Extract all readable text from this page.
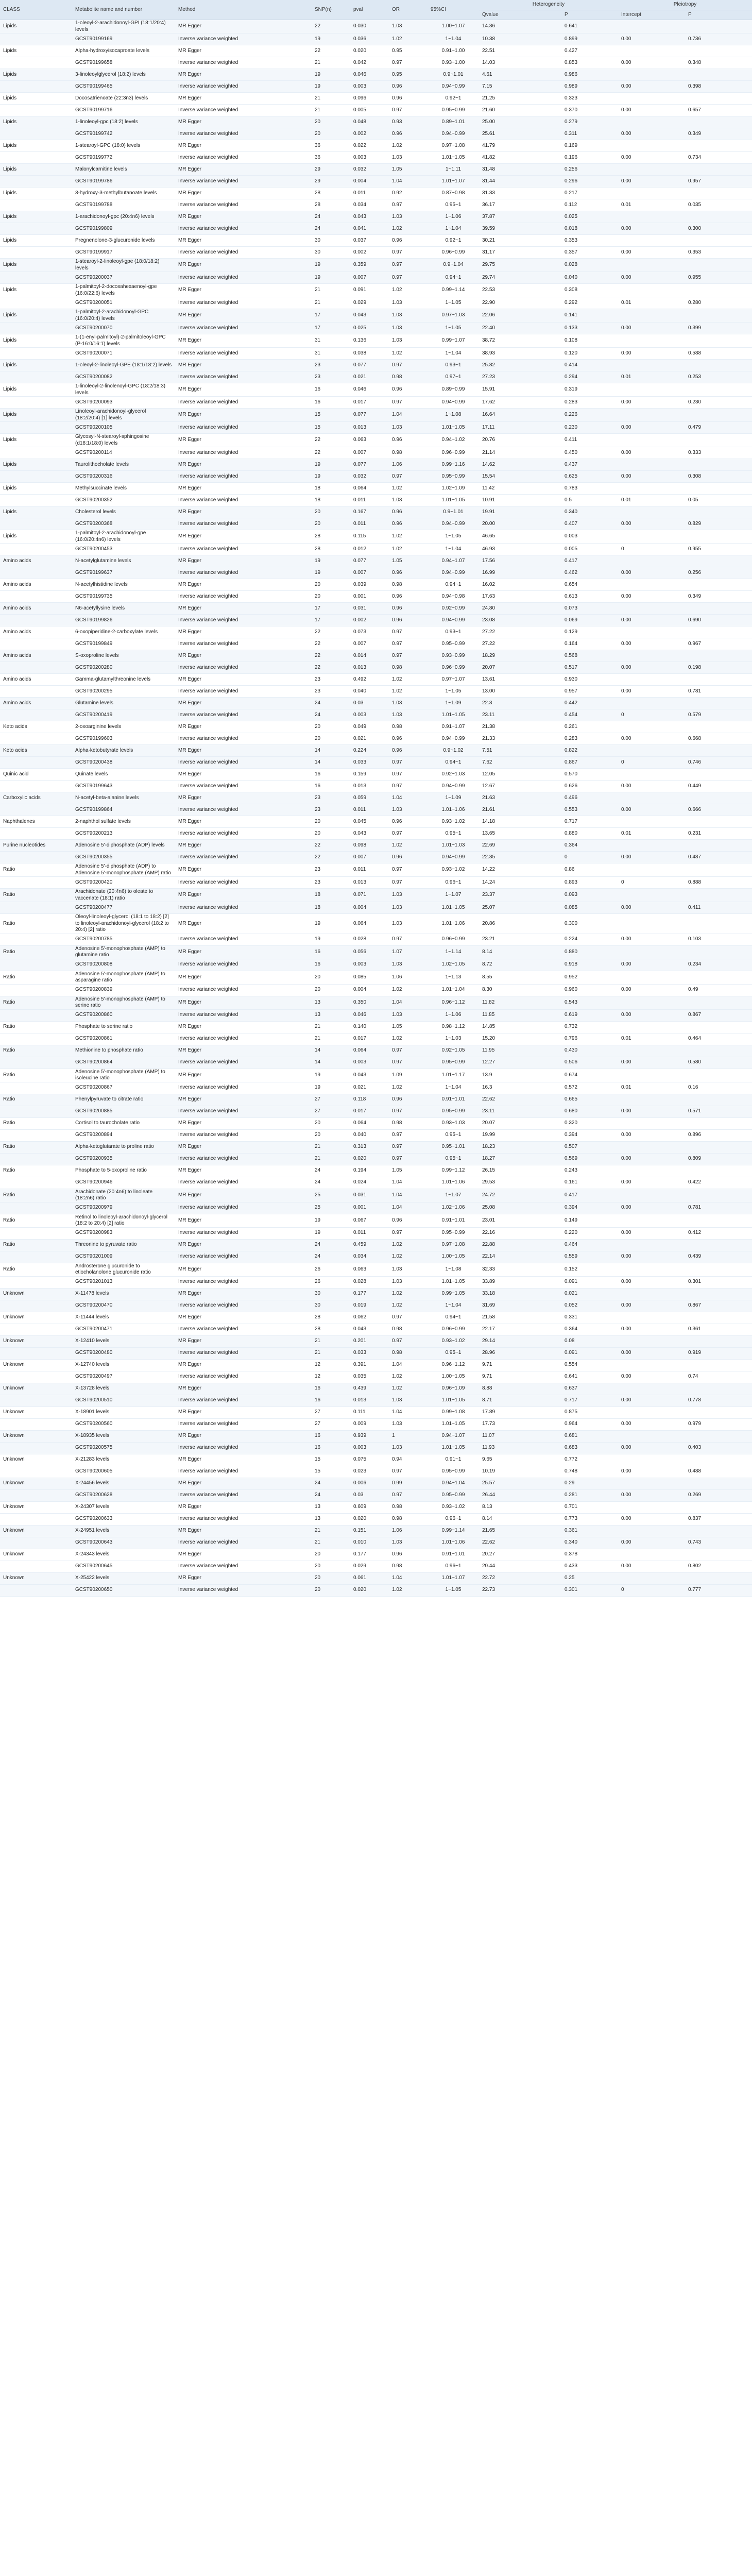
CLASS	Metabolite name and number	Method	SNP(n)	pval	OR	95%CI	Heterogeneity		Pleiotropy	
							Qvalue	P	Intercept	P
Lipids	1-oleoyl-2-arachidonoyl-GPI (18:1/20:4) levels	MR Egger	22	0.030	1.03	1.00~1.07	14.36	0.641		
	GCST90199169	Inverse variance weighted	19	0.036	1.02	1~1.04	10.38	0.899	0.00	0.736
Lipids	Alpha-hydroxyisocaproate levels	MR Egger	22	0.020	0.95	0.91~1.00	22.51	0.427		
	GCST90199658	Inverse variance weighted	21	0.042	0.97	0.93~1.00	14.03	0.853	0.00	0.348
Lipids	3-linoleoylglycerol (18:2) levels	MR Egger	19	0.046	0.95	0.9~1.01	4.61	0.986		
	GCST90199465	Inverse variance weighted	19	0.003	0.96	0.94~0.99	7.15	0.989	0.00	0.398
Lipids	Docosatrienoate (22:3n3) levels	MR Egger	21	0.096	0.96	0.92~1	21.25	0.323		
	GCST90199716	Inverse variance weighted	21	0.005	0.97	0.95~0.99	21.60	0.370	0.00	0.657
Lipids	1-linoleoyl-gpc (18:2) levels	MR Egger	20	0.048	0.93	0.89~1.01	25.00	0.279		
	GCST90199742	Inverse variance weighted	20	0.002	0.96	0.94~0.99	25.61	0.311	0.00	0.349
Lipids	1-stearoyl-GPC (18:0) levels	MR Egger	36	0.022	1.02	0.97~1.08	41.79	0.169		
	GCST90199772	Inverse variance weighted	36	0.003	1.03	1.01~1.05	41.82	0.196	0.00	0.734
Lipids	Malonylcarnitine levels	MR Egger	29	0.032	1.05	1~1.11	31.48	0.256		
	GCST90199786	Inverse variance weighted	29	0.004	1.04	1.01~1.07	31.44	0.296	0.00	0.957
Lipids	3-hydroxy-3-methylbutanoate levels	MR Egger	28	0.011	0.92	0.87~0.98	31.33	0.217		
	GCST90199788	Inverse variance weighted	28	0.034	0.97	0.95~1	36.17	0.112	0.01	0.035
Lipids	1-arachidonoyl-gpc (20:4n6) levels	MR Egger	24	0.043	1.03	1~1.06	37.87	0.025		
	GCST90199809	Inverse variance weighted	24	0.041	1.02	1~1.04	39.59	0.018	0.00	0.300
Lipids	Pregnenolone-3-glucuronide levels	MR Egger	30	0.037	0.96	0.92~1	30.21	0.353		
	GCST90199917	Inverse variance weighted	30	0.002	0.97	0.96~0.99	31.17	0.357	0.00	0.353
Lipids	1-stearoyl-2-linoleoyl-gpe (18:0/18:2) levels	MR Egger	19	0.359	0.97	0.9~1.04	29.75	0.028		
	GCST90200037	Inverse variance weighted	19	0.007	0.97	0.94~1	29.74	0.040	0.00	0.955
Lipids	1-palmitoyl-2-docosahexaenoyl-gpe (16:0/22:6) levels	MR Egger	21	0.091	1.02	0.99~1.14	22.53	0.308		
	GCST90200051	Inverse variance weighted	21	0.029	1.03	1~1.05	22.90	0.292	0.01	0.280
Lipids	1-palmitoyl-2-arachidonoyl-GPC (16:0/20:4) levels	MR Egger	17	0.043	1.03	0.97~1.03	22.06	0.141		
	GCST90200070	Inverse variance weighted	17	0.025	1.03	1~1.05	22.40	0.133	0.00	0.399
Lipids	1-(1-enyl-palmitoyl)-2-palmitoleoyl-GPC (P-16:0/16:1) levels	MR Egger	31	0.136	1.03	0.99~1.07	38.72	0.108		
	GCST90200071	Inverse variance weighted	31	0.038	1.02	1~1.04	38.93	0.120	0.00	0.588
Lipids	1-oleoyl-2-linoleoyl-GPE (18:1/18:2) levels	MR Egger	23	0.077	0.97	0.93~1	25.82	0.414		
	GCST90200082	Inverse variance weighted	23	0.021	0.98	0.97~1	27.23	0.294	0.01	0.253
Lipids	1-linoleoyl-2-linolenoyl-GPC (18:2/18:3) levels	MR Egger	16	0.046	0.96	0.89~0.99	15.91	0.319		
	GCST90200093	Inverse variance weighted	16	0.017	0.97	0.94~0.99	17.62	0.283	0.00	0.230
Lipids	Linoleoyl-arachidonoyl-glycerol (18:2/20:4) [1] levels	MR Egger	15	0.077	1.04	1~1.08	16.64	0.226		
	GCST90200105	Inverse variance weighted	15	0.013	1.03	1.01~1.05	17.11	0.230	0.00	0.479
Lipids	Glycosyl-N-stearoyl-sphingosine (d18:1/18:0) levels	MR Egger	22	0.063	0.96	0.94~1.02	20.76	0.411		
	GCST90200114	Inverse variance weighted	22	0.007	0.98	0.96~0.99	21.14	0.450	0.00	0.333
Lipids	Taurolithocholate levels	MR Egger	19	0.077	1.06	0.99~1.16	14.62	0.437		
	GCST90200316	Inverse variance weighted	19	0.032	0.97	0.95~0.99	15.54	0.625	0.00	0.308
Lipids	Methylsuccinate levels	MR Egger	18	0.064	1.02	1.02~1.09	11.42	0.783		
	GCST90200352	Inverse variance weighted	18	0.011	1.03	1.01~1.05	10.91	0.5	0.01	0.05
Lipids	Cholesterol levels	MR Egger	20	0.167	0.96	0.9~1.01	19.91	0.340		
	GCST90200368	Inverse variance weighted	20	0.011	0.96	0.94~0.99	20.00	0.407	0.00	0.829
Lipids	1-palmitoyl-2-arachidonoyl-gpe (16:0/20:4n6) levels	MR Egger	28	0.115	1.02	1~1.05	46.65	0.003		
	GCST90200453	Inverse variance weighted	28	0.012	1.02	1~1.04	46.93	0.005	0	0.955
Amino acids	N-acetylglutamine levels	MR Egger	19	0.077	1.05	0.94~1.07	17.56	0.417		
	GCST90199637	Inverse variance weighted	19	0.007	0.96	0.94~0.99	16.99	0.462	0.00	0.256
Amino acids	N-acetylhistidine levels	MR Egger	20	0.039	0.98	0.94~1	16.02	0.654		
	GCST90199735	Inverse variance weighted	20	0.001	0.96	0.94~0.98	17.63	0.613	0.00	0.349
Amino acids	N6-acetyllysine levels	MR Egger	17	0.031	0.96	0.92~0.99	24.80	0.073		
	GCST90199826	Inverse variance weighted	17	0.002	0.96	0.94~0.99	23.08	0.069	0.00	0.690
Amino acids	6-oxopiperidine-2-carboxylate levels	MR Egger	22	0.073	0.97	0.93~1	27.22	0.129		
	GCST90199849	Inverse variance weighted	22	0.007	0.97	0.95~0.99	27.22	0.164	0.00	0.967
Amino acids	S-oxoproline levels	MR Egger	22	0.014	0.97	0.93~0.99	18.29	0.568		
	GCST90200280	Inverse variance weighted	22	0.013	0.98	0.96~0.99	20.07	0.517	0.00	0.198
Amino acids	Gamma-glutamylthreonine levels	MR Egger	23	0.492	1.02	0.97~1.07	13.61	0.930		
	GCST90200295	Inverse variance weighted	23	0.040	1.02	1~1.05	13.00	0.957	0.00	0.781
Amino acids	Glutamine levels	MR Egger	24	0.03	1.03	1~1.09	22.3	0.442		
	GCST90200419	Inverse variance weighted	24	0.003	1.03	1.01~1.05	23.11	0.454	0	0.579
Keto acids	2-oxoarginine levels	MR Egger	20	0.049	0.98	0.91~1.07	21.38	0.261		
	GCST90199603	Inverse variance weighted	20	0.021	0.96	0.94~0.99	21.33	0.283	0.00	0.668
Keto acids	Alpha-ketobutyrate levels	MR Egger	14	0.224	0.96	0.9~1.02	7.51	0.822		
	GCST90200438	Inverse variance weighted	14	0.033	0.97	0.94~1	7.62	0.867	0	0.746
Quinic acid	Quinate levels	MR Egger	16	0.159	0.97	0.92~1.03	12.05	0.570		
	GCST90199643	Inverse variance weighted	16	0.013	0.97	0.94~0.99	12.67	0.626	0.00	0.449
Carboxylic acids	N-acetyl-beta-alanine levels	MR Egger	23	0.059	1.04	1~1.09	21.63	0.496		
	GCST90199864	Inverse variance weighted	23	0.011	1.03	1.01~1.06	21.61	0.553	0.00	0.666
Naphthalenes	2-naphthol sulfate levels	MR Egger	20	0.045	0.96	0.93~1.02	14.18	0.717		
	GCST90200213	Inverse variance weighted	20	0.043	0.97	0.95~1	13.65	0.880	0.01	0.231
Purine nucleotides	Adenosine 5'-diphosphate (ADP) levels	MR Egger	22	0.098	1.02	1.01~1.03	22.69	0.364		
	GCST90200355	Inverse variance weighted	22	0.007	0.96	0.94~0.99	22.35	0	0.00	0.487
Ratio	Adenosine 5'-diphosphate (ADP) to Adenosine 5'-monophosphate (AMP) ratio	MR Egger	23	0.011	0.97	0.93~1.02	14.22	0.86		
	GCST90200420	Inverse variance weighted	23	0.013	0.97	0.96~1	14.24	0.893	0	0.888
Ratio	Arachidonate (20:4n6) to oleate to vaccenate (18:1) ratio	MR Egger	18	0.071	1.03	1~1.07	23.37	0.093		
	GCST90200477	Inverse variance weighted	18	0.004	1.03	1.01~1.05	25.07	0.085	0.00	0.411
Ratio	Oleoyl-linoleoyl-glycerol (18:1 to 18:2) [2] to linoleoyl-arachidonoyl-glycerol (18:2 to 20:4) [2] ratio	MR Egger	19	0.064	1.03	1.01~1.06	20.86	0.300		
	GCST90200785	Inverse variance weighted	19	0.028	0.97	0.96~0.99	23.21	0.224	0.00	0.103
Ratio	Adenosine 5'-monophosphate (AMP) to glutamine ratio	MR Egger	16	0.056	1.07	1~1.14	8.14	0.880		
	GCST90200808	Inverse variance weighted	16	0.003	1.03	1.02~1.05	8.72	0.918	0.00	0.234
Ratio	Adenosine 5'-monophosphate (AMP) to asparagine ratio	MR Egger	20	0.085	1.06	1~1.13	8.55	0.952		
	GCST90200839	Inverse variance weighted	20	0.004	1.02	1.01~1.04	8.30	0.960	0.00	0.49
Ratio	Adenosine 5'-monophosphate (AMP) to serine ratio	MR Egger	13	0.350	1.04	0.96~1.12	11.82	0.543		
	GCST90200860	Inverse variance weighted	13	0.046	1.03	1~1.06	11.85	0.619	0.00	0.867
Ratio	Phosphate to serine ratio	MR Egger	21	0.140	1.05	0.98~1.12	14.85	0.732		
	GCST90200861	Inverse variance weighted	21	0.017	1.02	1~1.03	15.20	0.796	0.01	0.464
Ratio	Methionine to phosphate ratio	MR Egger	14	0.064	0.97	0.92~1.05	11.95	0.430		
	GCST90200864	Inverse variance weighted	14	0.003	0.97	0.95~0.99	12.27	0.506	0.00	0.580
Ratio	Adenosine 5'-monophosphate (AMP) to isoleucine ratio	MR Egger	19	0.043	1.09	1.01~1.17	13.9	0.674		
	GCST90200867	Inverse variance weighted	19	0.021	1.02	1~1.04	16.3	0.572	0.01	0.16
Ratio	Phenylpyruvate to citrate ratio	MR Egger	27	0.118	0.96	0.91~1.01	22.62	0.665		
	GCST90200885	Inverse variance weighted	27	0.017	0.97	0.95~0.99	23.11	0.680	0.00	0.571
Ratio	Cortisol to taurocholate ratio	MR Egger	20	0.064	0.98	0.93~1.03	20.07	0.320		
	GCST90200894	Inverse variance weighted	20	0.040	0.97	0.95~1	19.99	0.394	0.00	0.896
Ratio	Alpha-ketoglutarate to proline ratio	MR Egger	21	0.313	0.97	0.95~1.01	18.23	0.507		
	GCST90200935	Inverse variance weighted	21	0.020	0.97	0.95~1	18.27	0.569	0.00	0.809
Ratio	Phosphate to 5-oxoproline ratio	MR Egger	24	0.194	1.05	0.99~1.12	26.15	0.243		
	GCST90200946	Inverse variance weighted	24	0.024	1.04	1.01~1.06	29.53	0.161	0.00	0.422
Ratio	Arachidonate (20:4n6) to linoleate (18:2n6) ratio	MR Egger	25	0.031	1.04	1~1.07	24.72	0.417		
	GCST90200979	Inverse variance weighted	25	0.001	1.04	1.02~1.06	25.08	0.394	0.00	0.781
Ratio	Retinol to linoleoyl-arachidonoyl-glycerol (18:2 to 20:4) [2] ratio	MR Egger	19	0.067	0.96	0.91~1.01	23.01	0.149		
	GCST90200983	Inverse variance weighted	19	0.011	0.97	0.95~0.99	22.16	0.220	0.00	0.412
Ratio	Threonine to pyruvate ratio	MR Egger	24	0.459	1.02	0.97~1.08	22.88	0.464		
	GCST90201009	Inverse variance weighted	24	0.034	1.02	1.00~1.05	22.14	0.559	0.00	0.439
Ratio	Androsterone glucuronide to etiocholanolone glucuronide ratio	MR Egger	26	0.063	1.03	1~1.08	32.33	0.152		
	GCST90201013	Inverse variance weighted	26	0.028	1.03	1.01~1.05	33.89	0.091	0.00	0.301
Unknown	X-11478 levels	MR Egger	30	0.177	1.02	0.99~1.05	33.18	0.021		
	GCST90200470	Inverse variance weighted	30	0.019	1.02	1~1.04	31.69	0.052	0.00	0.867
Unknown	X-11444 levels	MR Egger	28	0.062	0.97	0.94~1	21.58	0.331		
	GCST90200471	Inverse variance weighted	28	0.043	0.98	0.96~0.99	22.17	0.364	0.00	0.361
Unknown	X-12410 levels	MR Egger	21	0.201	0.97	0.93~1.02	29.14	0.08		
	GCST90200480	Inverse variance weighted	21	0.033	0.98	0.95~1	28.96	0.091	0.00	0.919
Unknown	X-12740 levels	MR Egger	12	0.391	1.04	0.96~1.12	9.71	0.554		
	GCST90200497	Inverse variance weighted	12	0.035	1.02	1.00~1.05	9.71	0.641	0.00	0.74
Unknown	X-13728 levels	MR Egger	16	0.439	1.02	0.96~1.09	8.88	0.637		
	GCST90200510	Inverse variance weighted	16	0.013	1.03	1.01~1.05	8.71	0.717	0.00	0.778
Unknown	X-18901 levels	MR Egger	27	0.111	1.04	0.99~1.08	17.89	0.875		
	GCST90200560	Inverse variance weighted	27	0.009	1.03	1.01~1.05	17.73	0.964	0.00	0.979
Unknown	X-18935 levels	MR Egger	16	0.939	1	0.94~1.07	11.07	0.681		
	GCST90200575	Inverse variance weighted	16	0.003	1.03	1.01~1.05	11.93	0.683	0.00	0.403
Unknown	X-21283 levels	MR Egger	15	0.075	0.94	0.91~1	9.65	0.772		
	GCST90200605	Inverse variance weighted	15	0.023	0.97	0.95~0.99	10.19	0.748	0.00	0.488
Unknown	X-24456 levels	MR Egger	24	0.006	0.99	0.94~1.04	25.57	0.29		
	GCST90200628	Inverse variance weighted	24	0.03	0.97	0.95~0.99	26.44	0.281	0.00	0.269
Unknown	X-24307 levels	MR Egger	13	0.609	0.98	0.93~1.02	8.13	0.701		
	GCST90200633	Inverse variance weighted	13	0.020	0.98	0.96~1	8.14	0.773	0.00	0.837
Unknown	X-24951 levels	MR Egger	21	0.151	1.06	0.99~1.14	21.65	0.361		
	GCST90200643	Inverse variance weighted	21	0.010	1.03	1.01~1.06	22.62	0.340	0.00	0.743
Unknown	X-24343 levels	MR Egger	20	0.177	0.96	0.91~1.01	20.27	0.378		
	GCST90200645	Inverse variance weighted	20	0.029	0.98	0.96~1	20.44	0.433	0.00	0.802
Unknown	X-25422 levels	MR Egger	20	0.061	1.04	1.01~1.07	22.72	0.25		
	GCST90200650	Inverse variance weighted	20	0.020	1.02	1~1.05	22.73	0.301	0	0.777
